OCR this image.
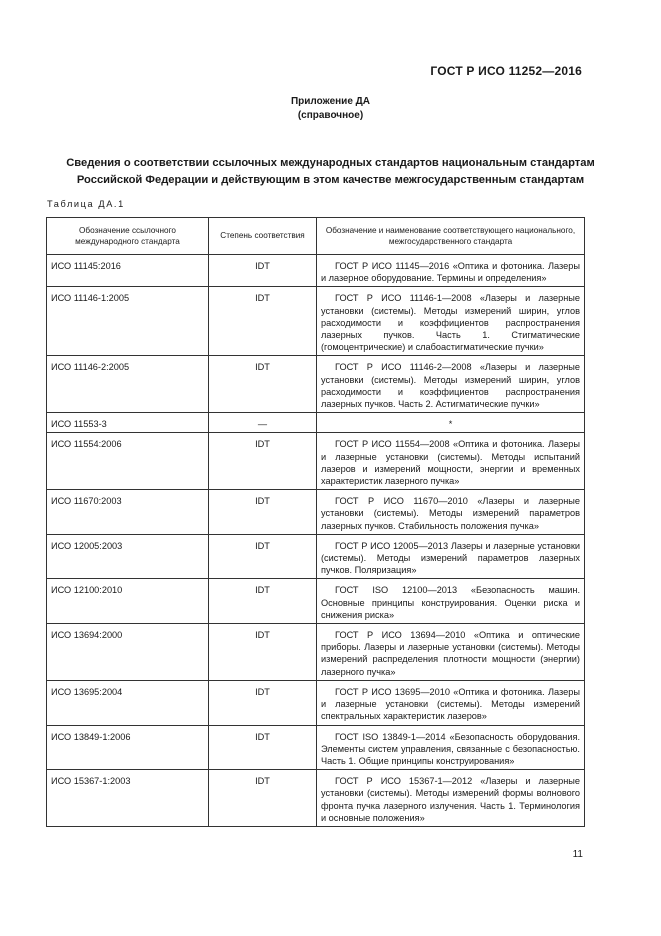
ГОСТ Р ИСО 11252—2016
Приложение ДА
(справочное)
Сведения о соответствии ссылочных международных стандартов национальным стандартам
Российской Федерации и действующим в этом качестве межгосударственным стандартам
Таблица ДА.1
Обозначение ссылочного международного стандарта	Степень соответствия	Обозначение и наименование соответствующего национального, межгосударственного стандарта
ИСО 11145:2016	IDT	ГОСТ Р ИСО 11145—2016 «Оптика и фотоника. Лазеры и лазерное оборудование. Термины и определения»
ИСО 11146-1:2005	IDT	ГОСТ Р ИСО 11146-1—2008 «Лазеры и лазерные установки (системы). Методы измерений ширин, углов расходимости и коэффициентов распространения лазерных пучков. Часть 1. Стигматические (гомоцентрические) и слабоастигматические пучки»
ИСО 11146-2:2005	IDT	ГОСТ Р ИСО 11146-2—2008 «Лазеры и лазерные установки (системы). Методы измерений ширин, углов расходимости и коэффициентов распространения лазерных пучков. Часть 2. Астигматические пучки»
ИСО 11553-3	—	*
ИСО 11554:2006	IDT	ГОСТ Р ИСО 11554—2008 «Оптика и фотоника. Лазеры и лазерные установки (системы). Методы испытаний лазеров и измерений мощности, энергии и временных характеристик лазерного пучка»
ИСО 11670:2003	IDT	ГОСТ Р ИСО 11670—2010 «Лазеры и лазерные установки (системы). Методы измерений параметров лазерных пучков. Стабильность положения пучка»
ИСО 12005:2003	IDT	ГОСТ Р ИСО 12005—2013 Лазеры и лазерные установки (системы). Методы измерений параметров лазерных пучков. Поляризация»
ИСО 12100:2010	IDT	ГОСТ ISO 12100—2013 «Безопасность машин. Основные принципы конструирования. Оценки риска и снижения риска»
ИСО 13694:2000	IDT	ГОСТ Р ИСО 13694—2010 «Оптика и оптические приборы. Лазеры и лазерные установки (системы). Методы измерений распределения плотности мощности (энергии) лазерного пучка»
ИСО 13695:2004	IDT	ГОСТ Р ИСО 13695—2010 «Оптика и фотоника. Лазеры и лазерные установки (системы). Методы измерений спектральных характеристик лазеров»
ИСО 13849-1:2006	IDT	ГОСТ ISO 13849-1—2014 «Безопасность оборудования. Элементы систем управления, связанные с безопасностью. Часть 1. Общие принципы конструирования»
ИСО 15367-1:2003	IDT	ГОСТ Р ИСО 15367-1—2012 «Лазеры и лазерные установки (системы). Методы измерений формы волнового фронта пучка лазерного излучения. Часть 1. Терминология и основные положения»
11
